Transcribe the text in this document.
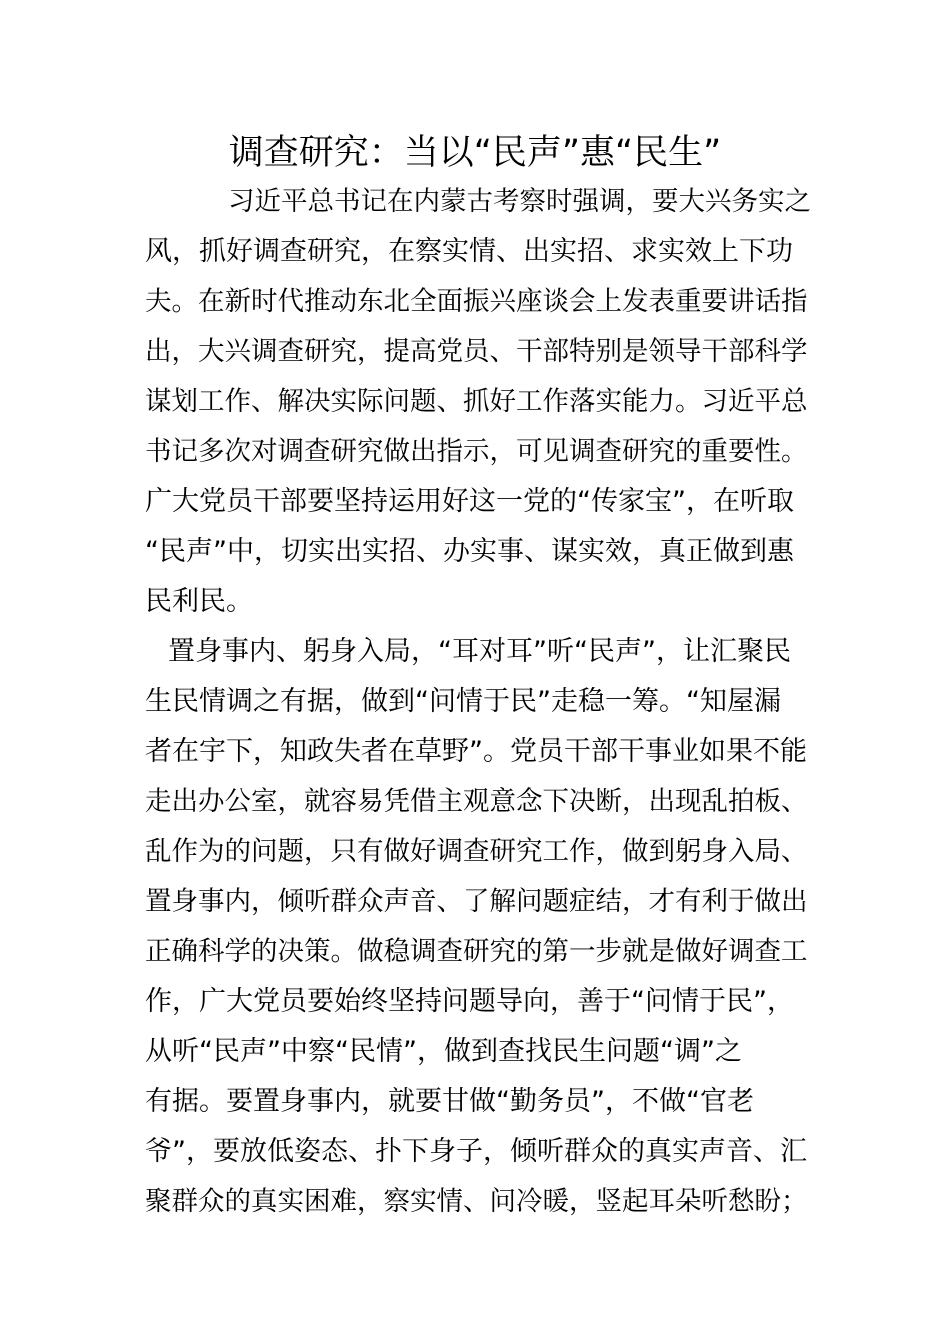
调查研究：当以“民声”惠“民生”

习近平总书记在内蒙古考察时强调，要大兴务实之

风，抓好调查研究，在察实情、出实招、求实效上下功

夫。在新时代推动东北全面振兴座谈会上发表重要讲话指

出，大兴调查研究，提高党员、干部特别是领导干部科学

谋划工作、解决实际问题、抓好工作落实能力。习近平总

书记多次对调查研究做出指示，可见调查研究的重要性。

广大党员干部要坚持运用好这一党的“传家宝”，在听取

“民声”中，切实出实招、办实事、谋实效，真正做到惠

民利民。

置身事内、躬身入局，“耳对耳”听“民声”，让汇聚民

生民情调之有据，做到“问情于民”走稳一筹。“知屋漏

者在宇下，知政失者在草野”。党员干部干事业如果不能

走出办公室，就容易凭借主观意念下决断，出现乱拍板、

乱作为的问题，只有做好调查研究工作，做到躬身入局、

置身事内，倾听群众声音、了解问题症结，才有利于做出

正确科学的决策。做稳调查研究的第一步就是做好调查工

作，广大党员要始终坚持问题导向，善于“问情于民”，

从听“民声”中察“民情”，做到查找民生问题“调”之

有据。要置身事内，就要甘做“勤务员”，不做“官老

爷”，要放低姿态、扑下身子，倾听群众的真实声音、汇

聚群众的真实困难，察实情、问冷暖，竖起耳朵听愁盼；
